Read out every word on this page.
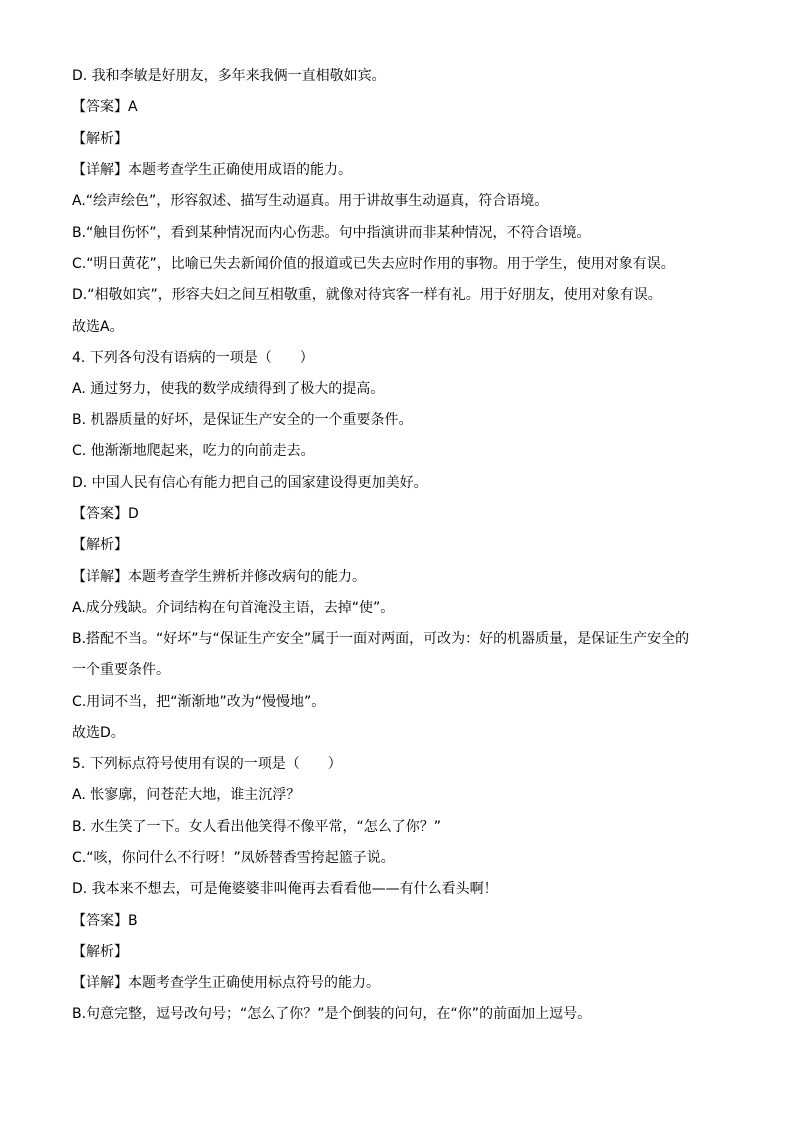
D. 我和李敏是好朋友，多年来我俩一直相敬如宾。
【答案】A
【解析】
【详解】本题考查学生正确使用成语的能力。
A.“绘声绘色”，形容叙述、描写生动逼真。用于讲故事生动逼真，符合语境。
B.“触目伤怀”，看到某种情况而内心伤悲。句中指演讲而非某种情况，不符合语境。
C.“明日黄花”，比喻已失去新闻价值的报道或已失去应时作用的事物。用于学生，使用对象有误。
D.“相敬如宾”，形容夫妇之间互相敬重，就像对待宾客一样有礼。用于好朋友，使用对象有误。
故选A。
4. 下列各句没有语病的一项是（　　）
A. 通过努力，使我的数学成绩得到了极大的提高。
B. 机器质量的好坏，是保证生产安全的一个重要条件。
C. 他渐渐地爬起来，吃力的向前走去。
D. 中国人民有信心有能力把自己的国家建设得更加美好。
【答案】D
【解析】
【详解】本题考查学生辨析并修改病句的能力。
A.成分残缺。介词结构在句首淹没主语，去掉“使”。
B.搭配不当。“好坏”与“保证生产安全”属于一面对两面，可改为：好的机器质量，是保证生产安全的
一个重要条件。
C.用词不当，把“渐渐地”改为“慢慢地”。
故选D。
5. 下列标点符号使用有误的一项是（　　）
A. 怅寥廓，问苍茫大地，谁主沉浮？
B. 水生笑了一下。女人看出他笑得不像平常，“怎么了你？”
C.“咳，你问什么不行呀！”凤娇替香雪挎起篮子说。
D. 我本来不想去，可是俺婆婆非叫俺再去看看他——有什么看头啊！
【答案】B
【解析】
【详解】本题考查学生正确使用标点符号的能力。
B.句意完整，逗号改句号；“怎么了你？”是个倒装的问句，在“你”的前面加上逗号。
